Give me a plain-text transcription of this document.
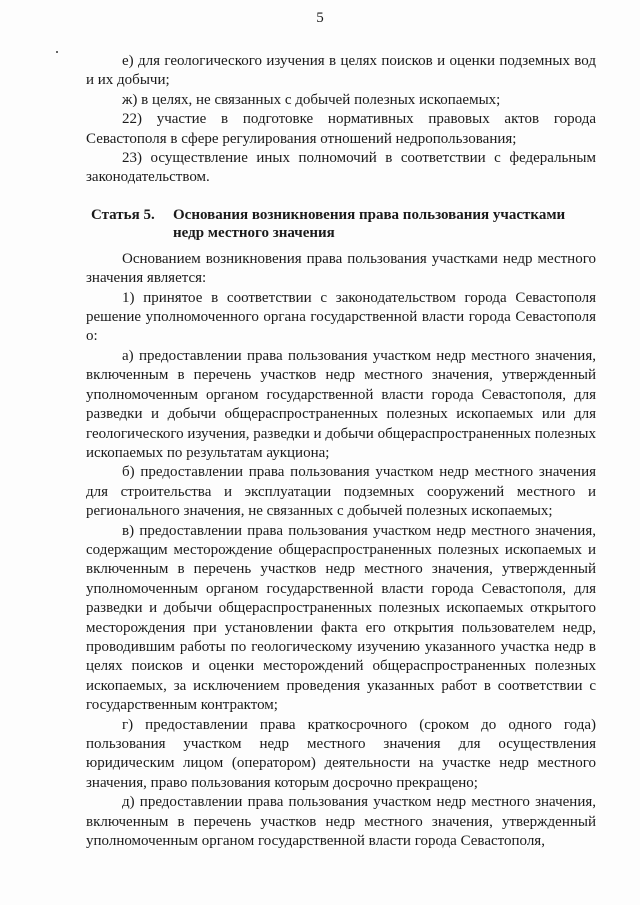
5

е) для геологического изучения в целях поисков и оценки подземных вод и их добычи;

ж) в целях, не связанных с добычей полезных ископаемых;

22) участие в подготовке нормативных правовых актов города Севастополя в сфере регулирования отношений недропользования;

23) осуществление иных полномочий в соответствии с федеральным законодательством.

Статья 5.	Основания возникновения права пользования участками недр местного значения

Основанием возникновения права пользования участками недр местного значения является:

1) принятое в соответствии с законодательством города Севастополя решение уполномоченного органа государственной власти города Севастополя о:

а) предоставлении права пользования участком недр местного значения, включенным в перечень участков недр местного значения, утвержденный уполномоченным органом государственной власти города Севастополя, для разведки и добычи общераспространенных полезных ископаемых или для геологического изучения, разведки и добычи общераспространенных полезных ископаемых по результатам аукциона;

б) предоставлении права пользования участком недр местного значения для строительства и эксплуатации подземных сооружений местного и регионального значения, не связанных с добычей полезных ископаемых;

в) предоставлении права пользования участком недр местного значения, содержащим месторождение общераспространенных полезных ископаемых и включенным в перечень участков недр местного значения, утвержденный уполномоченным органом государственной власти города Севастополя, для разведки и добычи общераспространенных полезных ископаемых открытого месторождения при установлении факта его открытия пользователем недр, проводившим работы по геологическому изучению указанного участка недр в целях поисков и оценки месторождений общераспространенных полезных ископаемых, за исключением проведения указанных работ в соответствии с государственным контрактом;

г) предоставлении права краткосрочного (сроком до одного года) пользования участком недр местного значения для осуществления юридическим лицом (оператором) деятельности на участке недр местного значения, право пользования которым досрочно прекращено;

д) предоставлении права пользования участком недр местного значения, включенным в перечень участков недр местного значения, утвержденный уполномоченным органом государственной власти города Севастополя,
